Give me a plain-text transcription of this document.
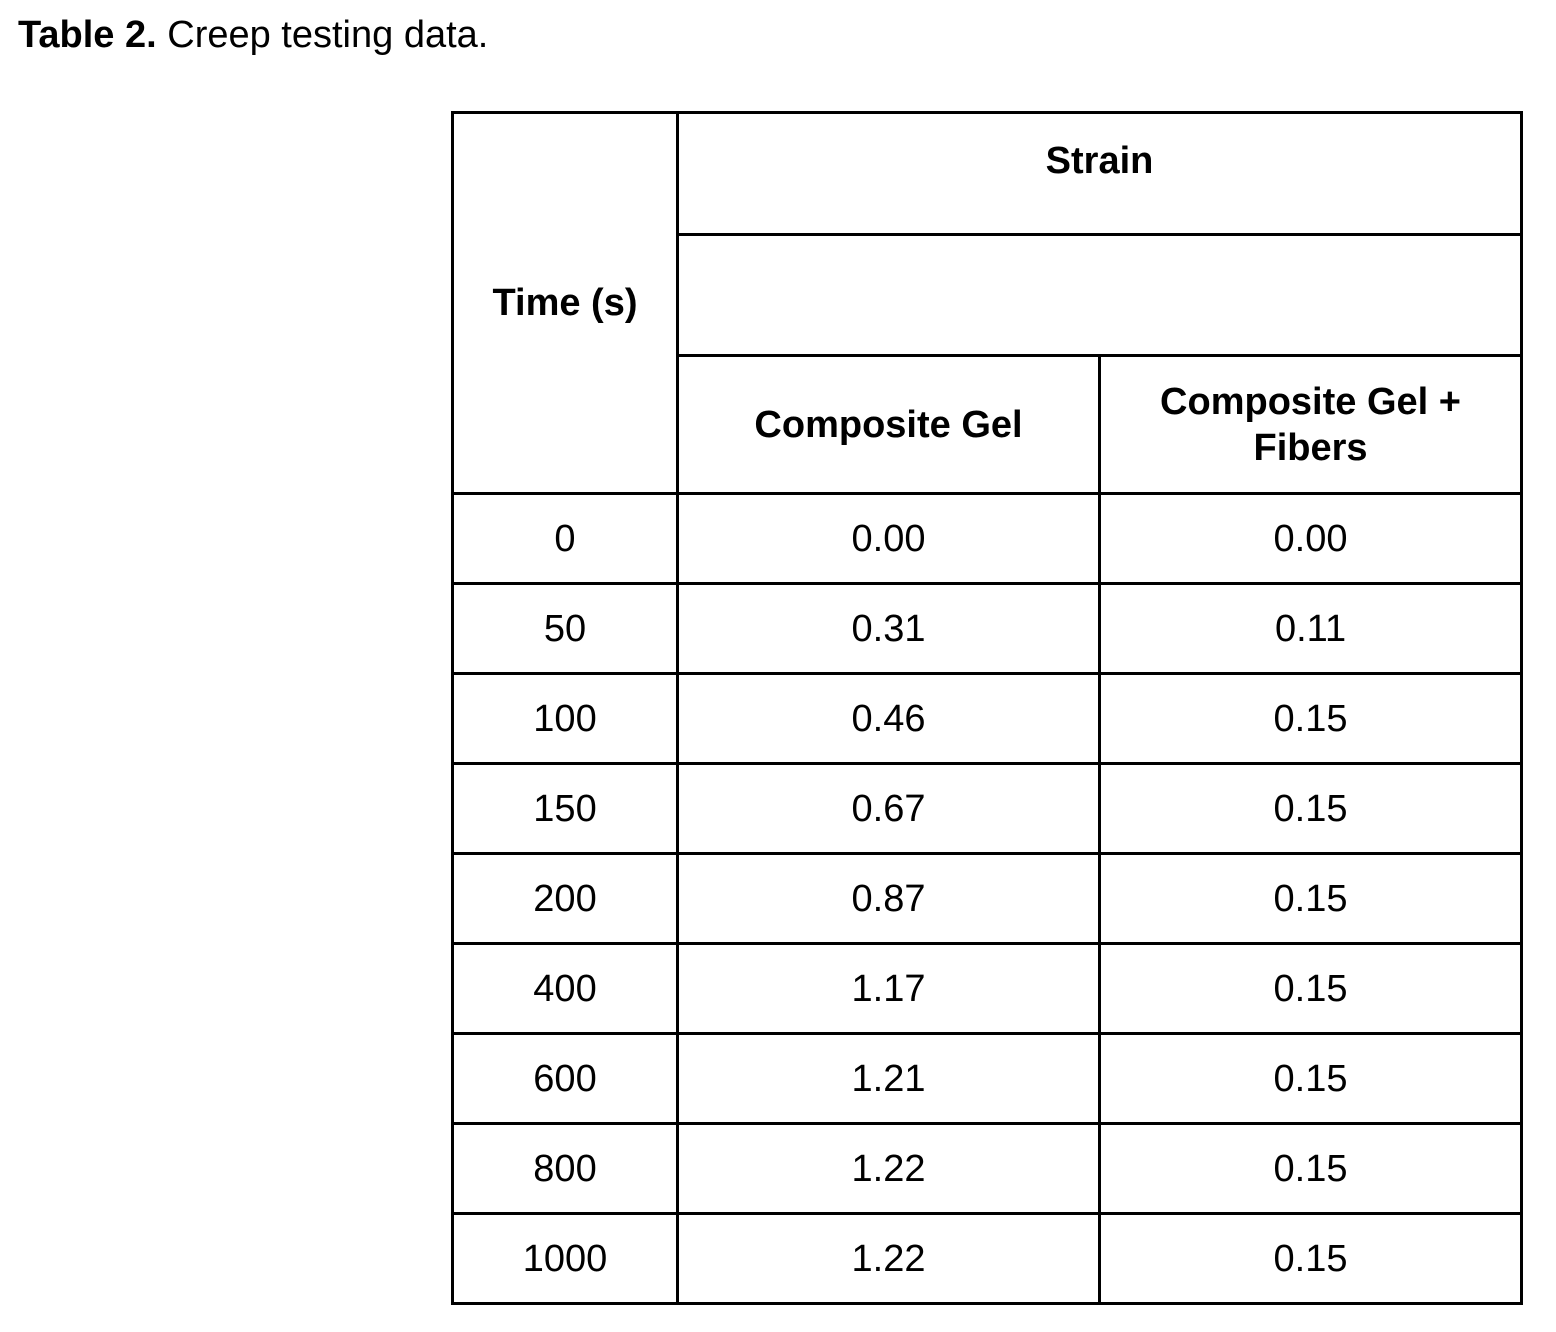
Table 2. Creep testing data.
Time (s)	Strain	

	Composite Gel	Composite Gel +
Fibers
0	0.00	0.00
50	0.31	0.11
100	0.46	0.15
150	0.67	0.15
200	0.87	0.15
400	1.17	0.15
600	1.21	0.15
800	1.22	0.15
1000	1.22	0.15
